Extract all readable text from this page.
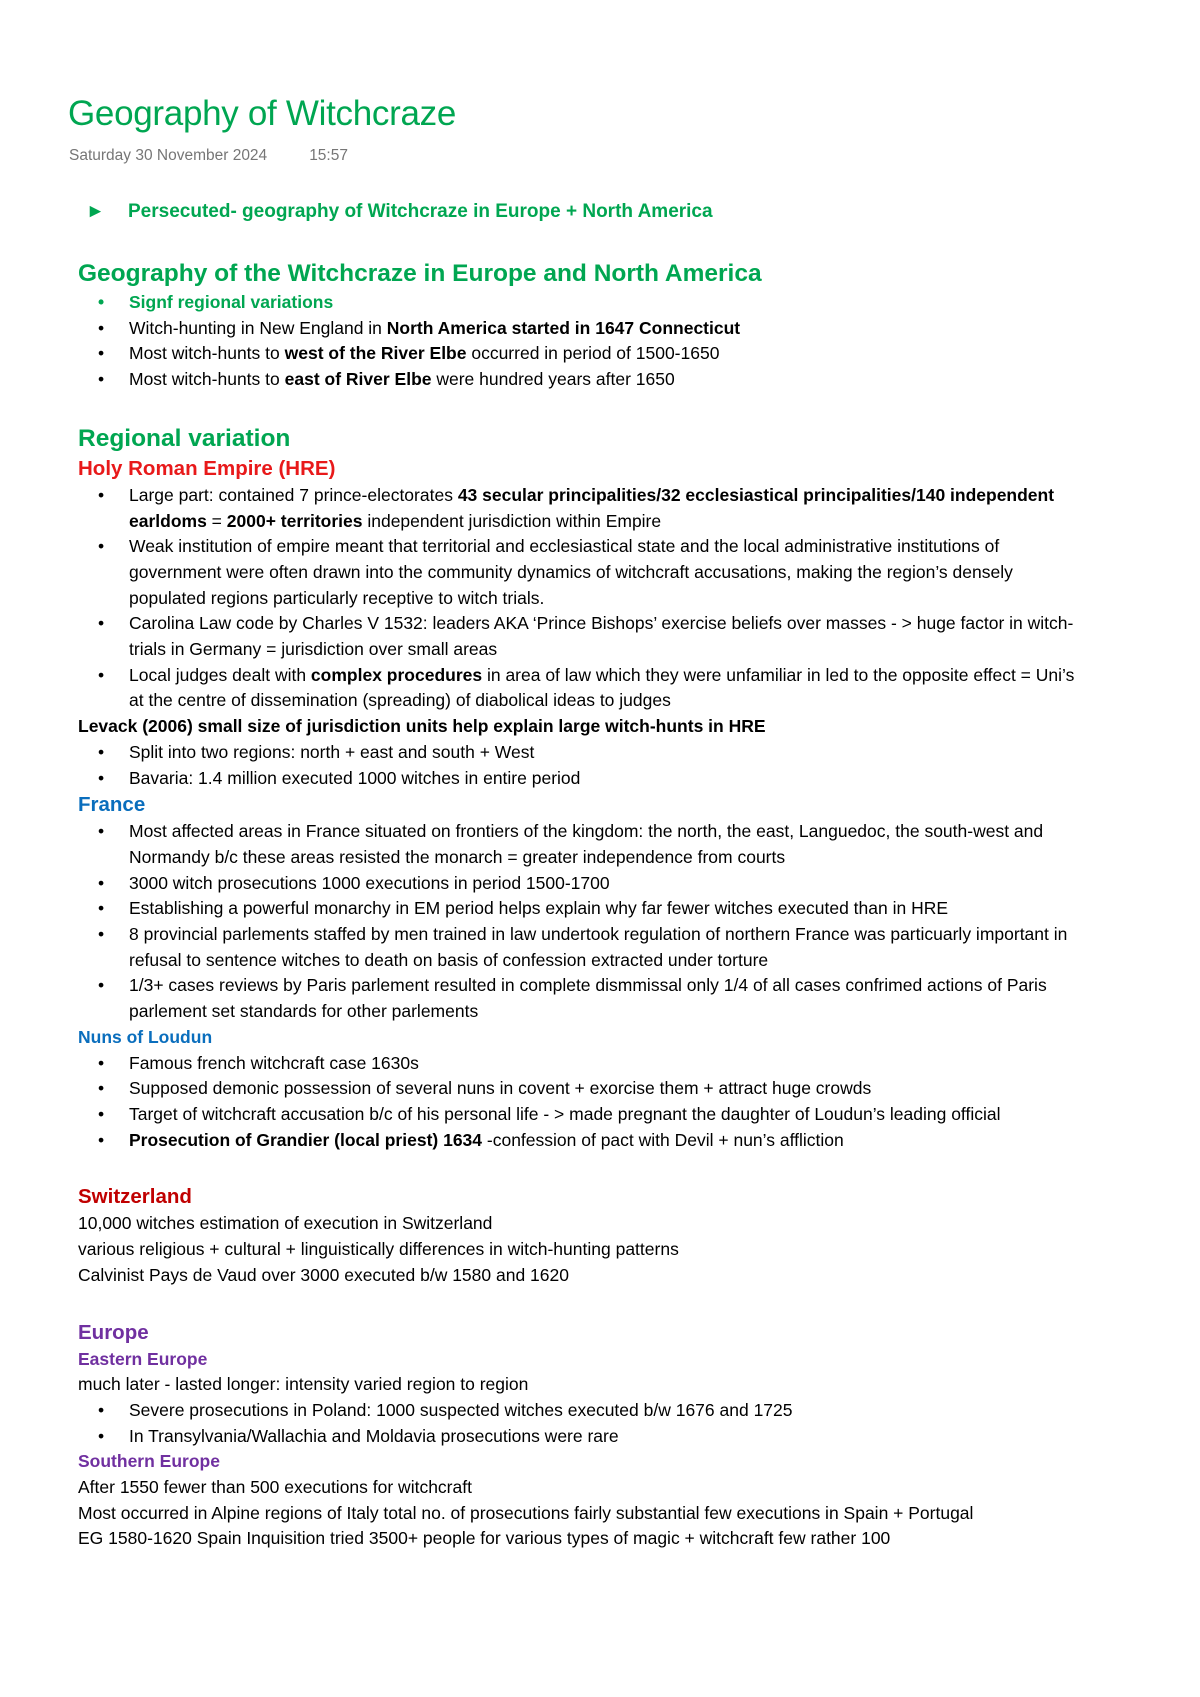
Geography of Witchcraze
Saturday 30 November 2024	15:57
► Persecuted- geography of Witchcraze in Europe + North America
Geography of the Witchcraze in Europe and North America
• Signf regional variations
• Witch-hunting in New England in North America started in 1647 Connecticut
• Most witch-hunts to west of the River Elbe occurred in period of 1500-1650
• Most witch-hunts to east of River Elbe were hundred years after 1650
Regional variation
Holy Roman Empire (HRE)
• Large part: contained 7 prince-electorates 43 secular principalities/32 ecclesiastical principalities/140 independent earldoms = 2000+ territories independent jurisdiction within Empire
• Weak institution of empire meant that territorial and ecclesiastical state and the local administrative institutions of government were often drawn into the community dynamics of witchcraft accusations, making the region’s densely populated regions particularly receptive to witch trials.
• Carolina Law code by Charles V 1532: leaders AKA ‘Prince Bishops’ exercise beliefs over masses - > huge factor in witch-trials in Germany = jurisdiction over small areas
• Local judges dealt with complex procedures in area of law which they were unfamiliar in led to the opposite effect = Uni’s at the centre of dissemination (spreading) of diabolical ideas to judges

Levack (2006) small size of jurisdiction units help explain large witch-hunts in HRE

• Split into two regions: north + east and south + West
• Bavaria: 1.4 million executed 1000 witches in entire period
France
• Most affected areas in France situated on frontiers of the kingdom: the north, the east, Languedoc, the south-west and Normandy b/c these areas resisted the monarch = greater independence from courts
• 3000 witch prosecutions 1000 executions in period 1500-1700
• Establishing a powerful monarchy in EM period helps explain why far fewer witches executed than in HRE
• 8 provincial parlements staffed by men trained in law undertook regulation of northern France was particuarly important in refusal to sentence witches to death on basis of confession extracted under torture
• 1/3+ cases reviews by Paris parlement resulted in complete dismmissal only 1/4 of all cases confrimed actions of Paris parlement set standards for other parlements
Nuns of Loudun
• Famous french witchcraft case 1630s
• Supposed demonic possession of several nuns in covent + exorcise them + attract huge crowds
• Target of witchcraft accusation b/c of his personal life - > made pregnant the daughter of Loudun’s leading official
• Prosecution of Grandier (local priest) 1634 -confession of pact with Devil + nun’s affliction
Switzerland

10,000 witches estimation of execution in Switzerland

various religious + cultural + linguistically differences in witch-hunting patterns

Calvinist Pays de Vaud over 3000 executed b/w 1580 and 1620

Europe
Eastern Europe

much later - lasted longer: intensity varied region to region

• Severe prosecutions in Poland: 1000 suspected witches executed b/w 1676 and 1725
• In Transylvania/Wallachia and Moldavia prosecutions were rare
Southern Europe

After 1550 fewer than 500 executions for witchcraft

Most occurred in Alpine regions of Italy total no. of prosecutions fairly substantial few executions in Spain + Portugal

EG 1580-1620 Spain Inquisition tried 3500+ people for various types of magic + witchcraft few rather 100
